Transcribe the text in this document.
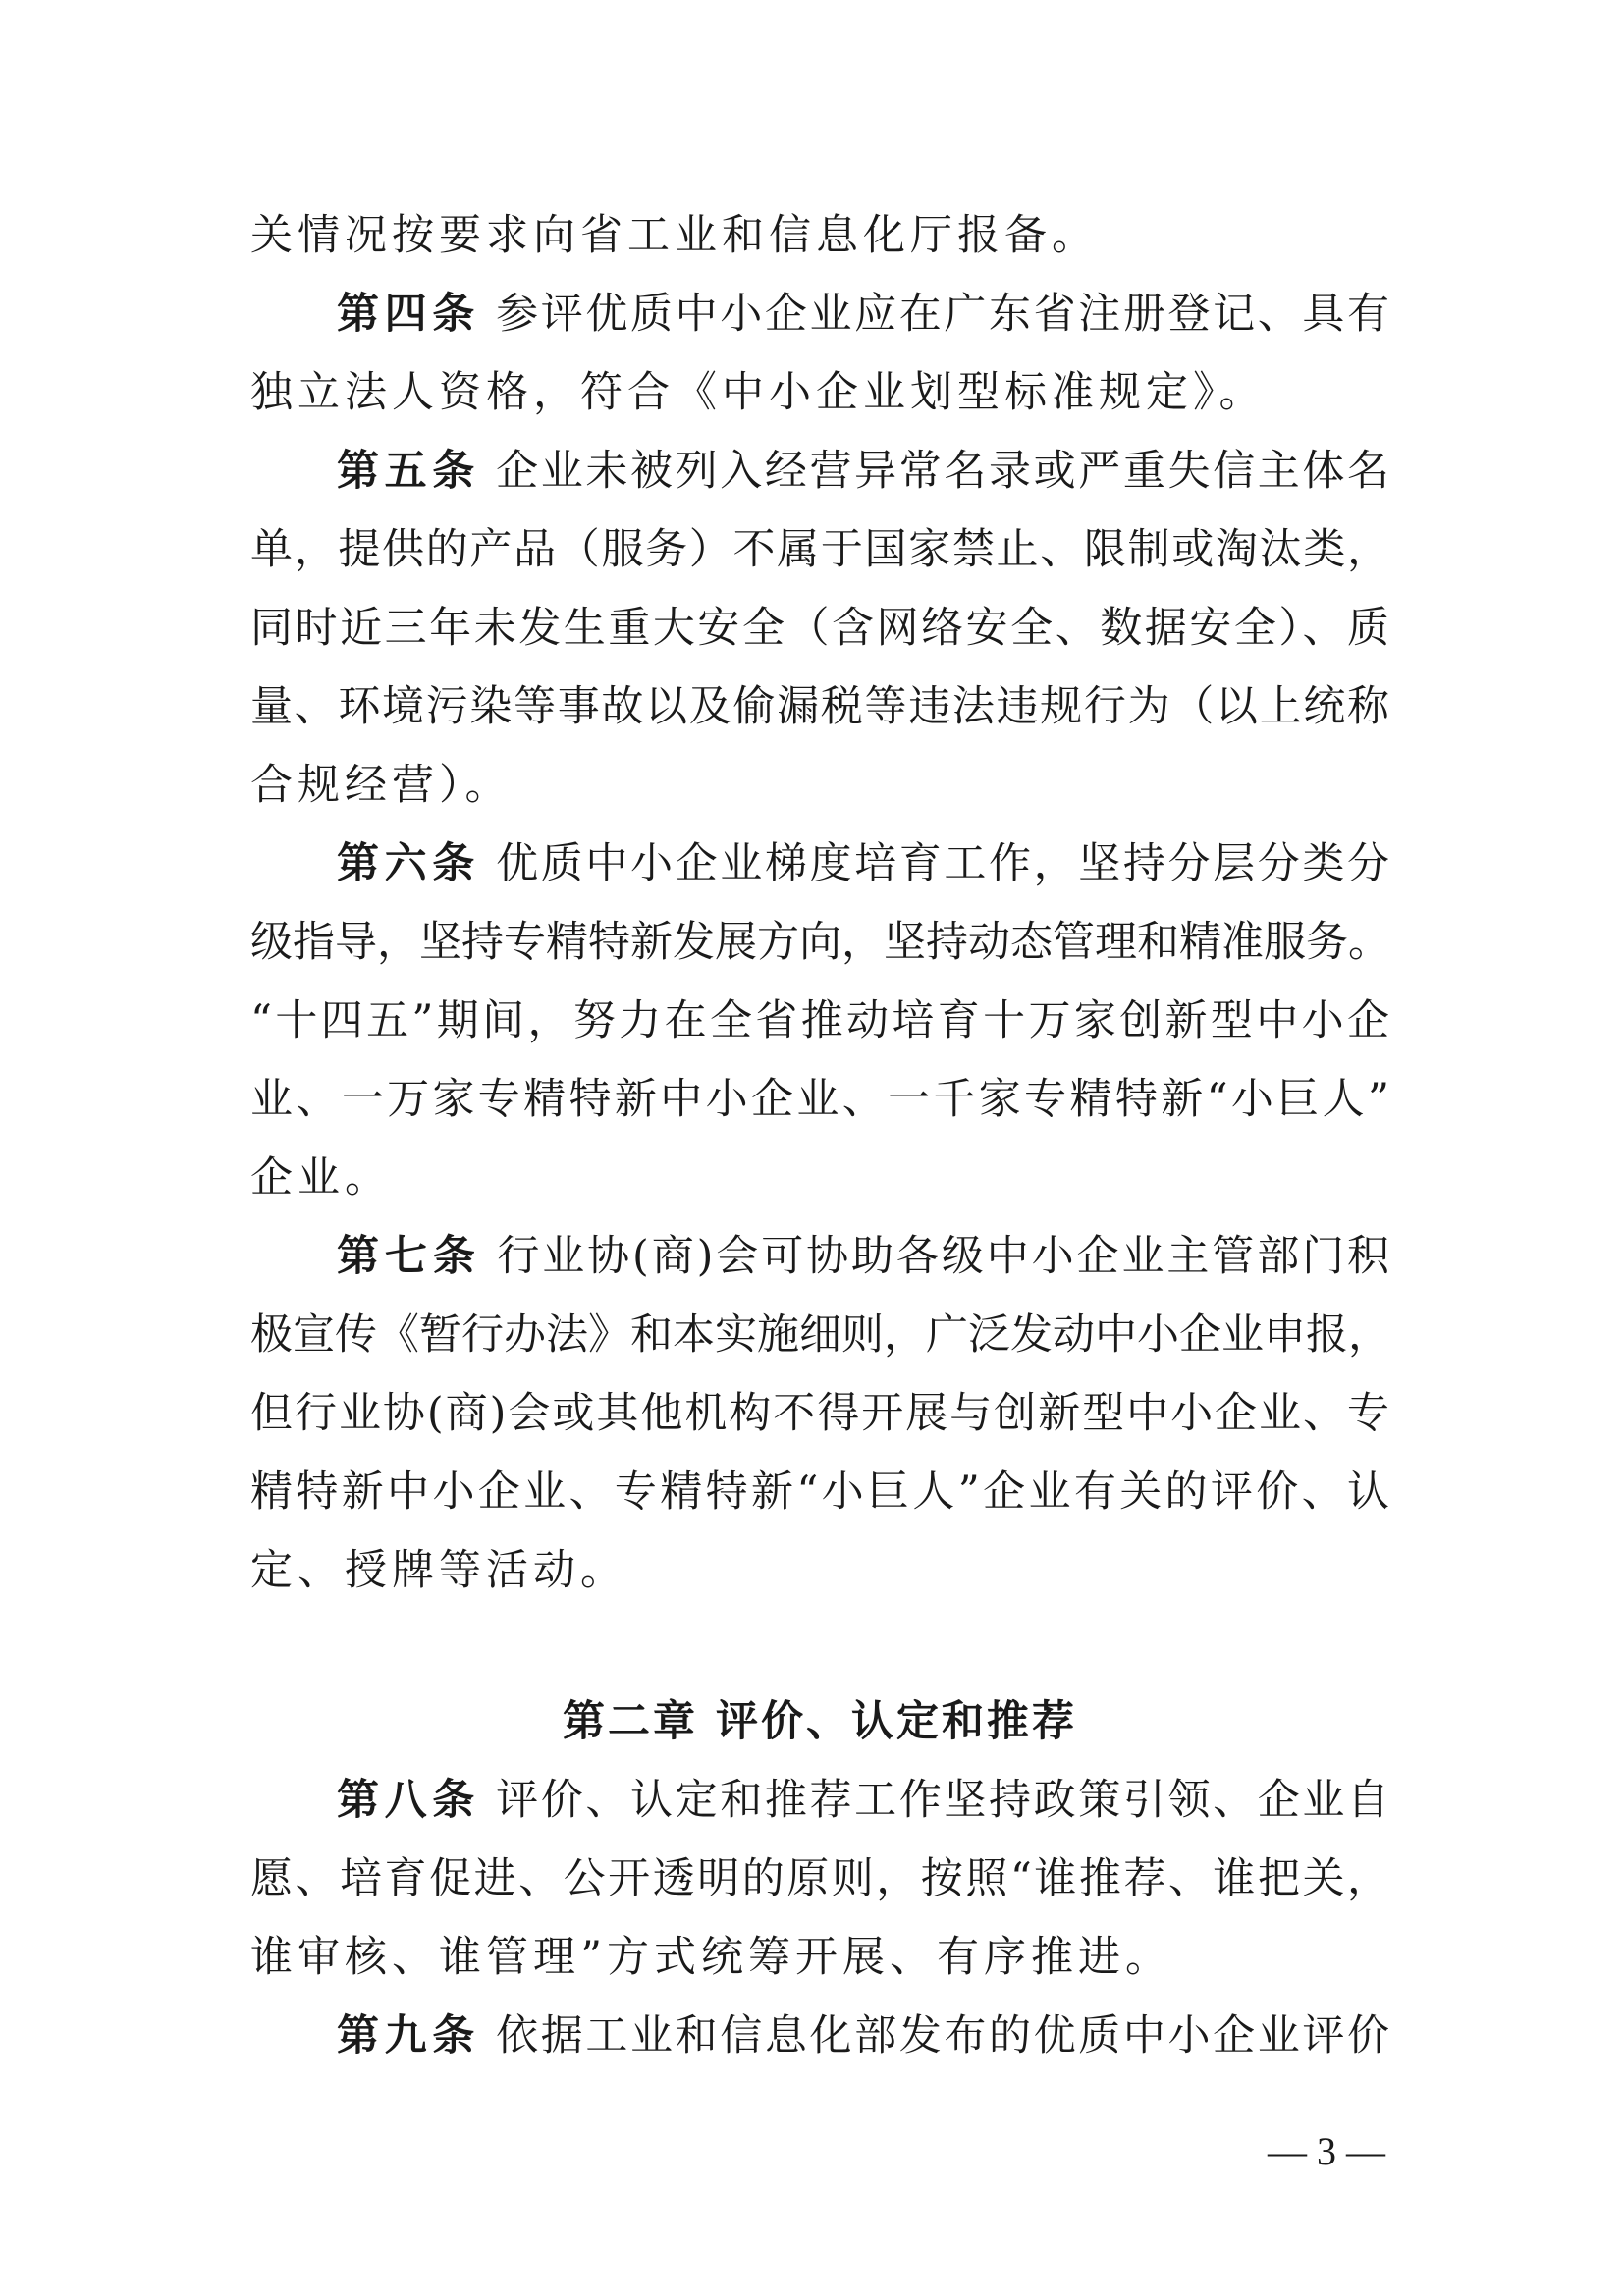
关情况按要求向省工业和信息化厅报备。
第四条 参评优质中小企业应在广东省注册登记、具有
独立法人资格，符合《中小企业划型标准规定》。
第五条 企业未被列入经营异常名录或严重失信主体名
单，提供的产品（服务）不属于国家禁止、限制或淘汰类，
同时近三年未发生重大安全（含网络安全、数据安全）、质
量、环境污染等事故以及偷漏税等违法违规行为（以上统称
合规经营）。
第六条 优质中小企业梯度培育工作，坚持分层分类分
级指导，坚持专精特新发展方向，坚持动态管理和精准服务。
“十四五”期间，努力在全省推动培育十万家创新型中小企
业、一万家专精特新中小企业、一千家专精特新“小巨人”
企业。
第七条 行业协(商)会可协助各级中小企业主管部门积
极宣传《暂行办法》和本实施细则，广泛发动中小企业申报，
但行业协(商)会或其他机构不得开展与创新型中小企业、专
精特新中小企业、专精特新“小巨人”企业有关的评价、认
定、授牌等活动。
第二章 评价、认定和推荐
第八条 评价、认定和推荐工作坚持政策引领、企业自
愿、培育促进、公开透明的原则，按照“谁推荐、谁把关，
谁审核、谁管理”方式统筹开展、有序推进。
第九条 依据工业和信息化部发布的优质中小企业评价
— 3 —
